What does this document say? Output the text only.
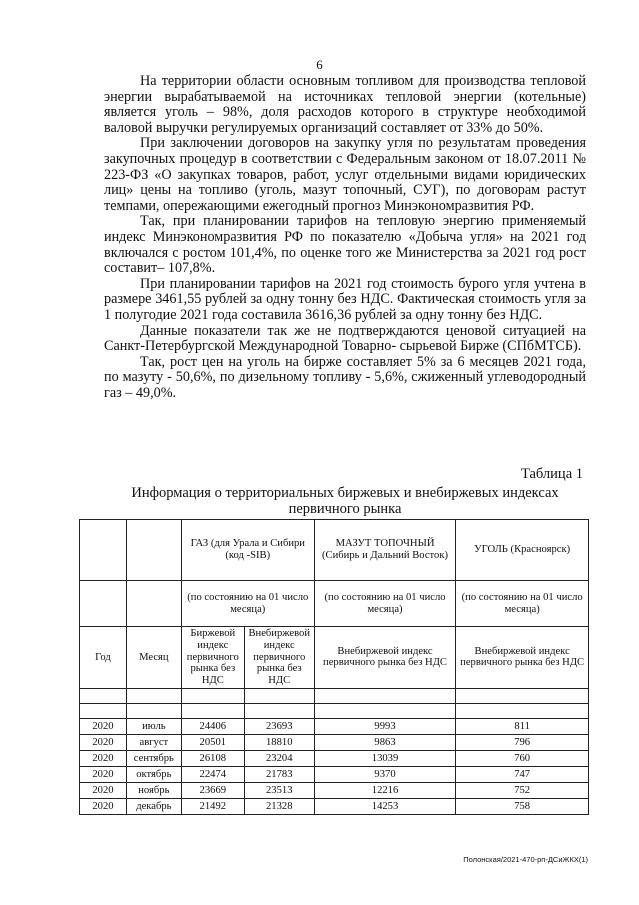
6

На территории области основным топливом для производства тепловой энергии вырабатываемой на источниках тепловой энергии (котельные) является уголь – 98%, доля расходов которого в структуре необходимой валовой выручки регулируемых организаций составляет от 33% до 50%.

При заключении договоров на закупку угля по результатам проведения закупочных процедур в соответствии с Федеральным законом от 18.07.2011 № 223-ФЗ «О закупках товаров, работ, услуг отдельными видами юридических лиц» цены на топливо (уголь, мазут топочный, СУГ), по договорам растут темпами, опережающими ежегодный прогноз Минэкономразвития РФ.

Так, при планировании тарифов на тепловую энергию применяемый индекс Минэкономразвития РФ по показателю «Добыча угля» на 2021 год включался с ростом 101,4%, по оценке того же Министерства за 2021 год рост составит– 107,8%.

При планировании тарифов на 2021 год стоимость бурого угля учтена в размере 3461,55 рублей за одну тонну без НДС. Фактическая стоимость угля за 1 полугодие 2021 года составила 3616,36 рублей за одну тонну без НДС.

Данные показатели так же не подтверждаются ценовой ситуацией на Санкт-Петербургской Международной Товарно- сырьевой Бирже (СПбМТСБ).

Так, рост цен на уголь на бирже составляет 5% за 6 месяцев 2021 года, по мазуту - 50,6%, по дизельному топливу - 5,6%, сжиженный углеводородный газ – 49,0%.

Таблица 1
Информация о территориальных биржевых и внебиржевых индексах первичного рынка
		ГАЗ (для Урала и Сибири (код -SIB)		МАЗУТ ТОПОЧНЫЙ (Сибирь и Дальний Восток)	УГОЛЬ (Красноярск)
		(по состоянию на 01 число месяца)		(по состоянию на 01 число месяца)	(по состоянию на 01 число месяца)
Год	Месяц	Биржевой индекс первичного рынка без НДС	Внебиржевой индекс первичного рынка без НДС	Внебиржевой индекс первичного рынка без НДС	Внебиржевой индекс первичного рынка без НДС

2020	июль	24406	23693	9993	811
2020	август	20501	18810	9863	796
2020	сентябрь	26108	23204	13039	760
2020	октябрь	22474	21783	9370	747
2020	ноябрь	23669	23513	12216	752
2020	декабрь	21492	21328	14253	758
Полонская/2021-470-рп-ДСиЖКХ(1)
